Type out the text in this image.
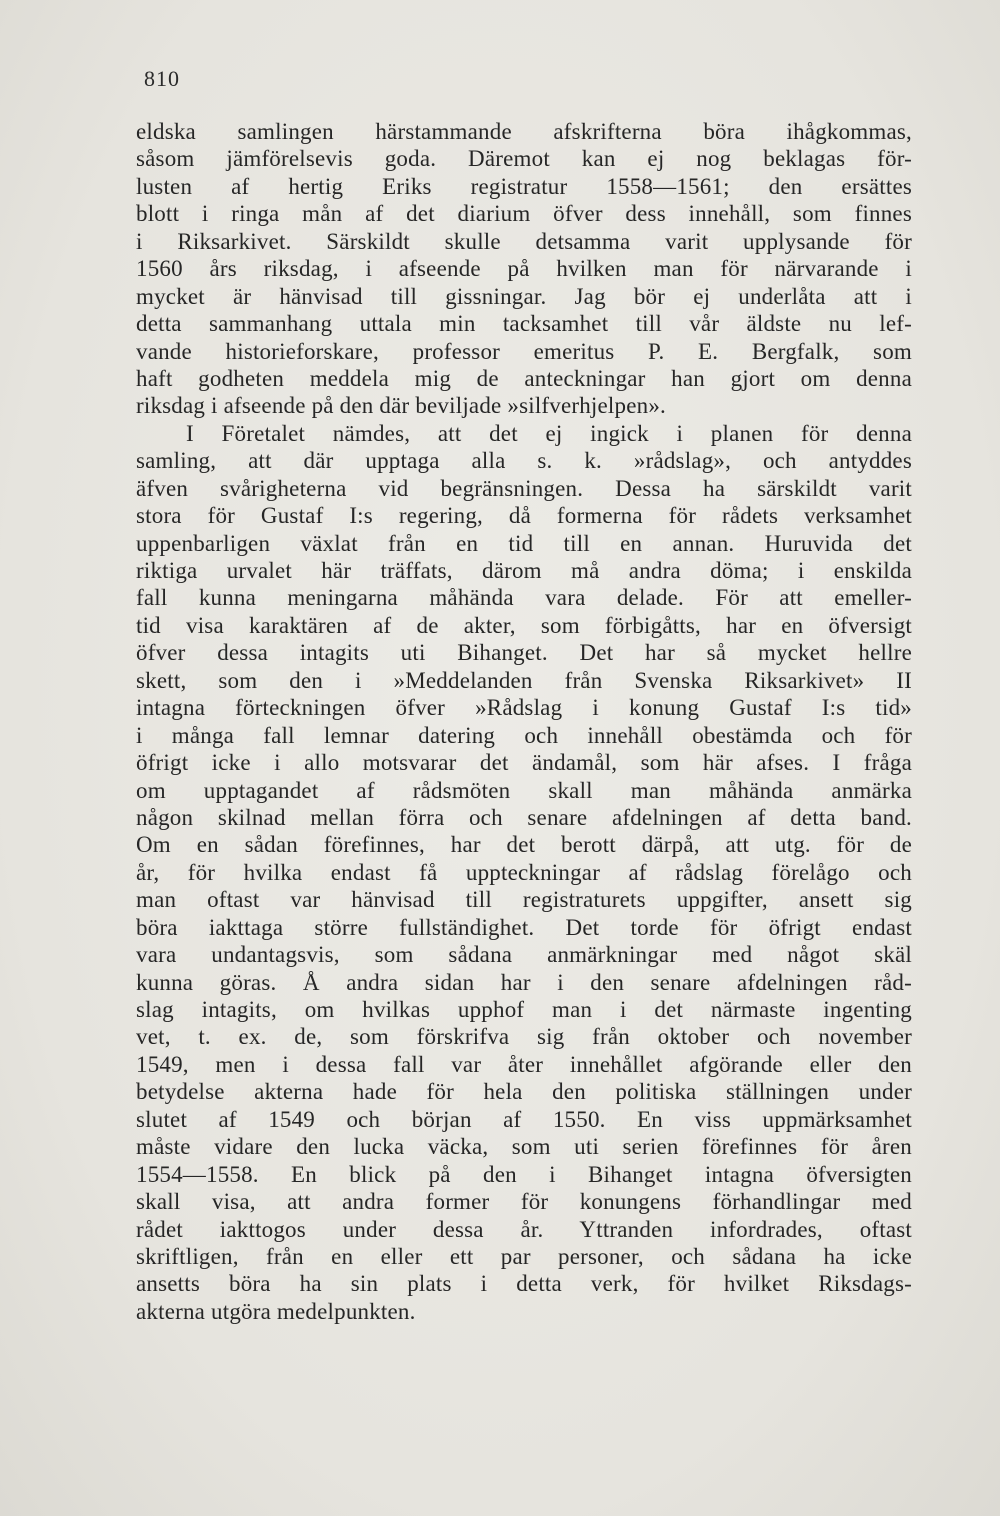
810
eldska samlingen härstammande afskrifterna böra ihågkommas,
såsom jämförelsevis goda. Däremot kan ej nog beklagas för-
lusten af hertig Eriks registratur 1558—1561; den ersättes
blott i ringa mån af det diarium öfver dess innehåll, som finnes
i Riksarkivet. Särskildt skulle detsamma varit upplysande för
1560 års riksdag, i afseende på hvilken man för närvarande i
mycket är hänvisad till gissningar. Jag bör ej underlåta att i
detta sammanhang uttala min tacksamhet till vår äldste nu lef-
vande historieforskare, professor emeritus P. E. Bergfalk, som
haft godheten meddela mig de anteckningar han gjort om denna
riksdag i afseende på den där beviljade »silfverhjelpen».
I Företalet nämdes, att det ej ingick i planen för denna
samling, att där upptaga alla s. k. »rådslag», och antyddes
äfven svårigheterna vid begränsningen. Dessa ha särskildt varit
stora för Gustaf I:s regering, då formerna för rådets verksamhet
uppenbarligen växlat från en tid till en annan. Huruvida det
riktiga urvalet här träffats, därom må andra döma; i enskilda
fall kunna meningarna måhända vara delade. För att emeller-
tid visa karaktären af de akter, som förbigåtts, har en öfversigt
öfver dessa intagits uti Bihanget. Det har så mycket hellre
skett, som den i »Meddelanden från Svenska Riksarkivet» II
intagna förteckningen öfver »Rådslag i konung Gustaf I:s tid»
i många fall lemnar datering och innehåll obestämda och för
öfrigt icke i allo motsvarar det ändamål, som här afses. I fråga
om upptagandet af rådsmöten skall man måhända anmärka
någon skilnad mellan förra och senare afdelningen af detta band.
Om en sådan förefinnes, har det berott därpå, att utg. för de
år, för hvilka endast få uppteckningar af rådslag förelågo och
man oftast var hänvisad till registraturets uppgifter, ansett sig
böra iakttaga större fullständighet. Det torde för öfrigt endast
vara undantagsvis, som sådana anmärkningar med något skäl
kunna göras. Å andra sidan har i den senare afdelningen råd-
slag intagits, om hvilkas upphof man i det närmaste ingenting
vet, t. ex. de, som förskrifva sig från oktober och november
1549, men i dessa fall var åter innehållet afgörande eller den
betydelse akterna hade för hela den politiska ställningen under
slutet af 1549 och början af 1550. En viss uppmärksamhet
måste vidare den lucka väcka, som uti serien förefinnes för åren
1554—1558. En blick på den i Bihanget intagna öfversigten
skall visa, att andra former för konungens förhandlingar med
rådet iakttogos under dessa år. Yttranden infordrades, oftast
skriftligen, från en eller ett par personer, och sådana ha icke
ansetts böra ha sin plats i detta verk, för hvilket Riksdags-
akterna utgöra medelpunkten.
